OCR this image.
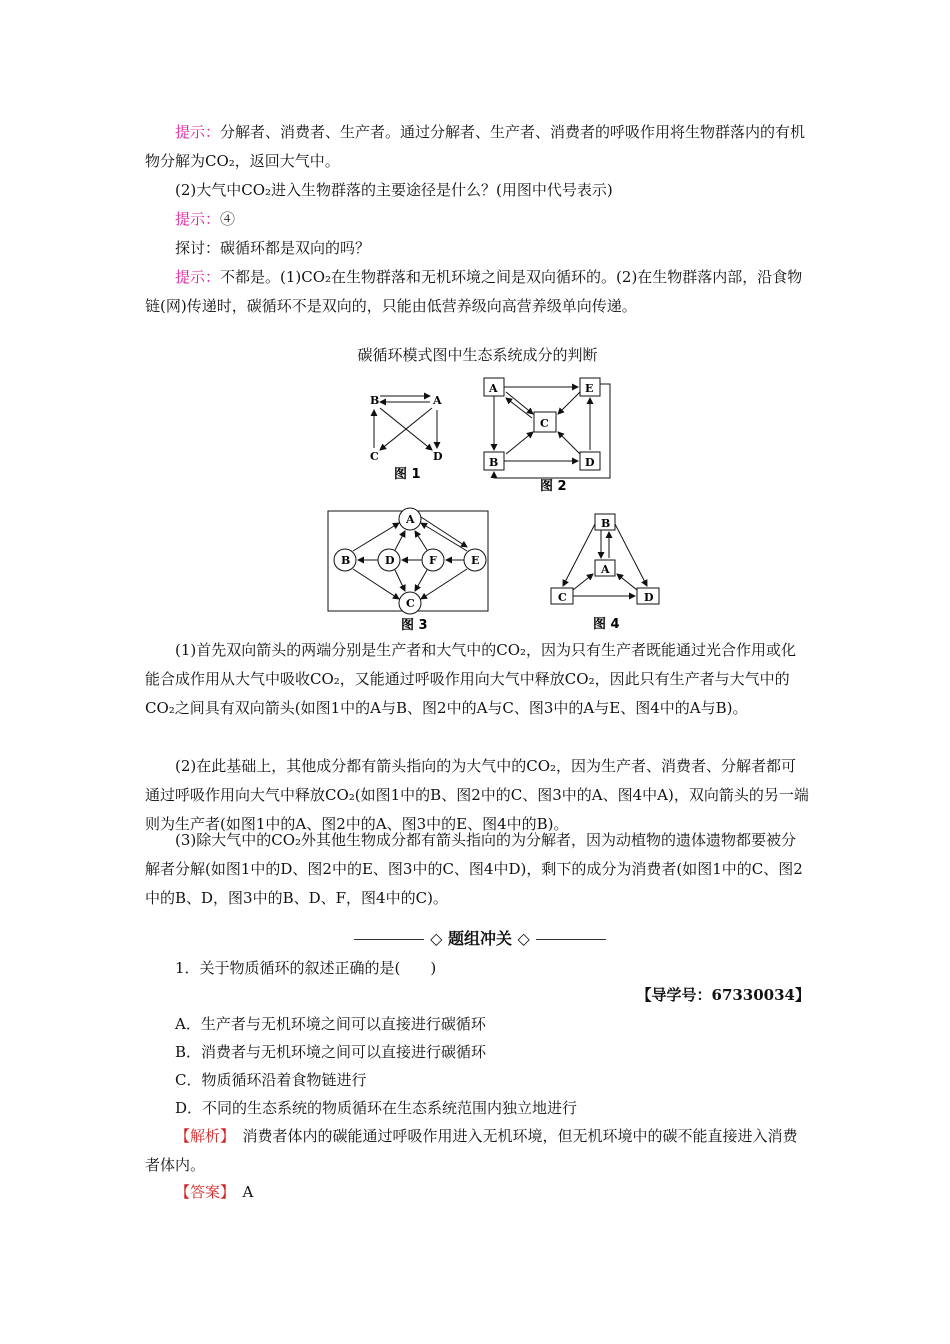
提示：分解者、消费者、生产者。通过分解者、生产者、消费者的呼吸作用将生物群落内的有机物分解为CO₂，返回大气中。

(2)大气中CO₂进入生物群落的主要途径是什么？(用图中代号表示)

提示：④

探讨：碳循环都是双向的吗？

提示：不都是。(1)CO₂在生物群落和无机环境之间是双向循环的。(2)在生物群落内部，沿食物链(网)传递时，碳循环不是双向的，只能由低营养级向高营养级单向传递。

碳循环模式图中生态系统成分的判断
B	A
C	D
图 1
A	E
C
B	D
图 2
A
B	D	F	E
C
图 3
B
A
C	D
图 4

(1)首先双向箭头的两端分别是生产者和大气中的CO₂，因为只有生产者既能通过光合作用或化能合成作用从大气中吸收CO₂，又能通过呼吸作用向大气中释放CO₂，因此只有生产者与大气中的CO₂之间具有双向箭头(如图1中的A与B、图2中的A与C、图3中的A与E、图4中的A与B)。

(2)在此基础上，其他成分都有箭头指向的为大气中的CO₂，因为生产者、消费者、分解者都可通过呼吸作用向大气中释放CO₂(如图1中的B、图2中的C、图3中的A、图4中A)，双向箭头的另一端则为生产者(如图1中的A、图2中的A、图3中的E、图4中的B)。

(3)除大气中的CO₂外其他生物成分都有箭头指向的为分解者，因为动植物的遗体遗物都要被分解者分解(如图1中的D、图2中的E、图3中的C、图4中D)，剩下的成分为消费者(如图1中的C、图2中的B、D，图3中的B、D、F，图4中的C)。

◇ 题组冲关 ◇

1．关于物质循环的叙述正确的是(　　)

【导学号：67330034】

A．生产者与无机环境之间可以直接进行碳循环

B．消费者与无机环境之间可以直接进行碳循环

C．物质循环沿着食物链进行

D．不同的生态系统的物质循环在生态系统范围内独立地进行

【解析】　消费者体内的碳能通过呼吸作用进入无机环境，但无机环境中的碳不能直接进入消费者体内。

【答案】　A
